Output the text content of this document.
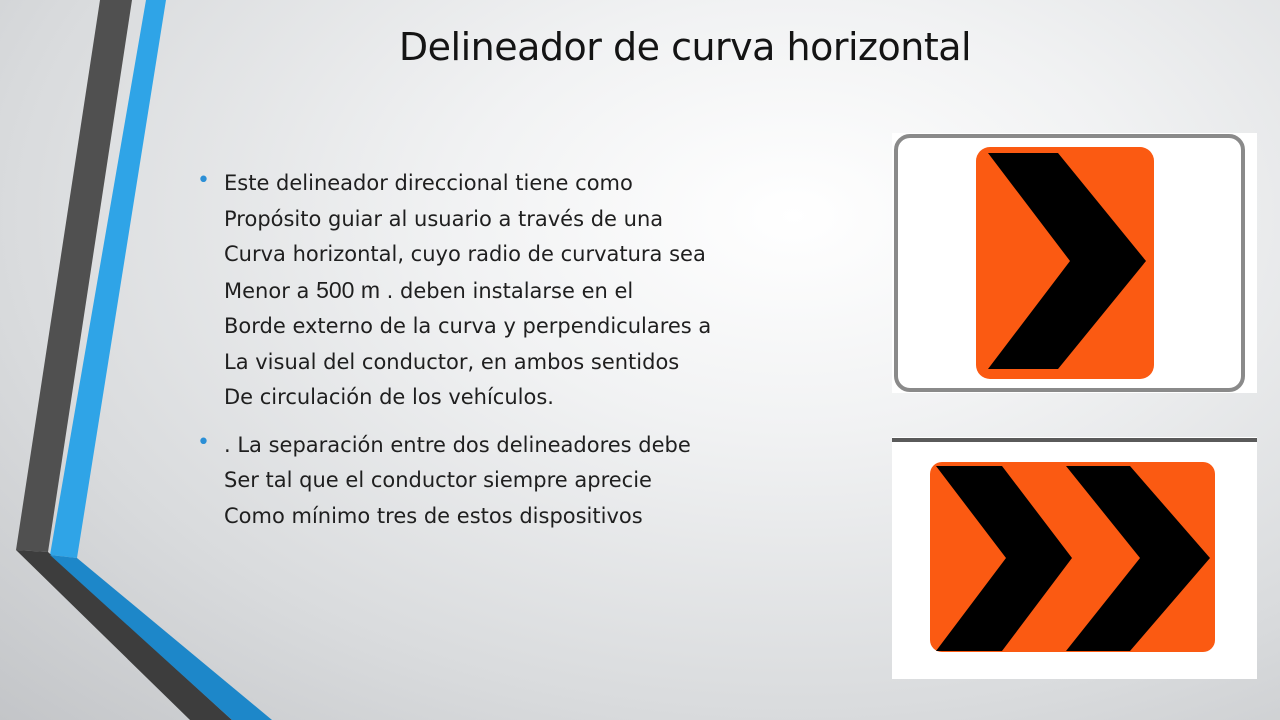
Delineador de curva horizontal
• Este delineador direccional tiene como
Propósito guiar al usuario a través de una
Curva horizontal, cuyo radio de curvatura sea
Menor a 500 m . deben instalarse en el
Borde externo de la curva y perpendiculares a
La visual del conductor, en ambos sentidos
De circulación de los vehículos.
• . La separación entre dos delineadores debe
Ser tal que el conductor siempre aprecie
Como mínimo tres de estos dispositivos
